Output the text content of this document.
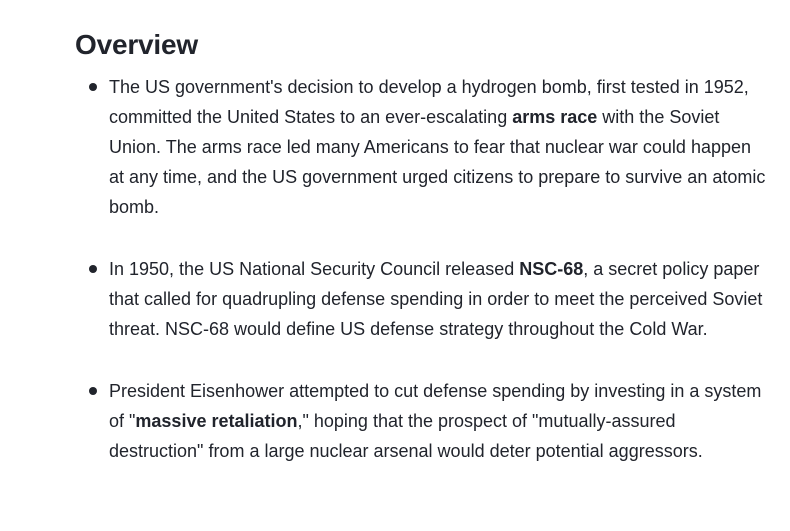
Overview
The US government's decision to develop a hydrogen bomb, first tested in 1952, committed the United States to an ever-escalating arms race with the Soviet Union. The arms race led many Americans to fear that nuclear war could happen at any time, and the US government urged citizens to prepare to survive an atomic bomb.
In 1950, the US National Security Council released NSC-68, a secret policy paper that called for quadrupling defense spending in order to meet the perceived Soviet threat. NSC-68 would define US defense strategy throughout the Cold War.
President Eisenhower attempted to cut defense spending by investing in a system of "massive retaliation," hoping that the prospect of "mutually-assured destruction" from a large nuclear arsenal would deter potential aggressors.
